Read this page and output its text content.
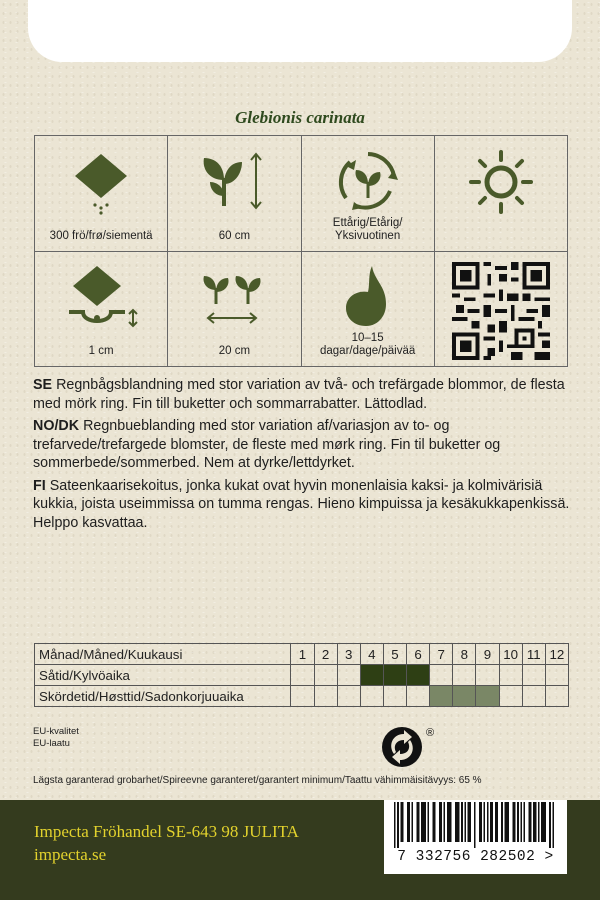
Glebionis carinata
300 frö/frø/siementä	60 cm
Ettårig/Etårig/
Yksivuotinen
1 cm	20 cm
10–15
dagar/dage/päivää

SE Regnbågsblandning med stor variation av två- och trefärgade blommor, de flesta med mörk ring. Fin till buketter och sommarrabatter. Lättodlad.

NO/DK Regnbueblanding med stor variation af/variasjon av to- og trefarvede/trefargede blomster, de fleste med mørk ring. Fin til buketter og sommerbede/sommerbed. Nem at dyrke/lettdyrket.

FI Sateenkaarisekoitus, jonka kukat ovat hyvin monenlaisia kaksi- ja kolmivärisiä kukkia, joista useimmissa on tumma rengas. Hieno kimpuissa ja kesäkukkapenkissä. Helppo kasvattaa.

Månad/Måned/Kuukausi	1	2	3	4	5	6	7	8	9	10	11	12
Såtid/Kylvöaika												
Skördetid/Høsttid/Sadonkorjuuaika												
EU-kvalitet
EU-laatu
®
Lägsta garanterad grobarhet/Spireevne garanteret/garantert minimum/Taattu vähimmäisitävyys: 65 %
Impecta Fröhandel SE-643 98 JULITA
impecta.se	7 332756 282502 >
